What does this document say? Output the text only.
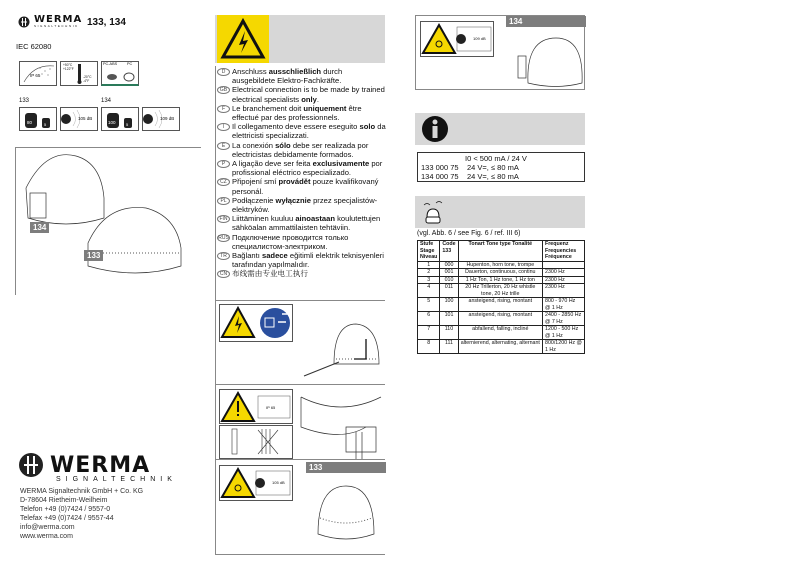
WERMA
SIGNALTECHNIK 133, 134
IEC 62080
IP 65
+50°C +122°F
-20°C -4°F
PC-ABS	PC
133	134
80	5
105 dB
100	5
109 dB
134
133
WERMA
SIGNALTECHNIK
WERMA Signaltechnik GmbH + Co. KG
D-78604 Rietheim-Weilheim
Telefon +49 (0)7424 / 9557-0
Telefax +49 (0)7424 / 9557-44
info@werma.com
www.werma.com
D Anschluss ausschließlich durch ausgebildete Elektro-Fachkräfte.
GB Electrical connection is to be made by trained electrical specialists only.
F Le branchement doit uniquement être effectué par des professionnels.
I	Il collegamento deve essere eseguito solo da elettricisti specializzati.
E La conexión sólo debe ser realizada por electricistas debidamente formados.
P A ligação deve ser feita exclusivamente por profissional eléctrico especializado.
CZ Připojení smí provádět pouze kvalifikovaný personál.
PL Podłączenie wyłącznie przez specjalistów-elektryków.
FIN Liittäminen kuuluu ainoastaan koulutettujen sähköalan ammattilaisten tehtäviin.
RUS Подключение проводится только специалистом-электриком.
TR Bağlantı sadece eğitimli elektrik teknisyenleri tarafından yapılmalıdır.
CN 布线需由专业电工执行
IP 65
105 dB
133
109 dB
134
I0 < 500 mA / 24 V
133 000 75	24 V=, ≤ 80 mA
134 000 75	24 V=, ≤ 80 mA
(vgl. Abb. 6 / see Fig. 6 / ref. III 6)
Stufe Stage Niveau	Code 133	Tonart Tone type Tonalité	Frequenz Frequencies Fréquence
1	000	Hupenton, horn tone, trompe	
2	001	Dauerton, continuous, continu	2300 Hz
3	010	1 Hz Ton, 1 Hz tone, 1 Hz ton	2300 Hz
4	011	20 Hz Trillerton, 20 Hz whistle tone, 20 Hz trille	2300 Hz
5	100	ansteigend, rising, montant	800 - 970 Hz @ 1 Hz
6	101	ansteigend, rising, montant	2400 - 2850 Hz @ 7 Hz
7	110	abfallend, falling, incliné	1200 - 500 Hz @ 1 Hz
8	111	alternierend, alternating, alternant	800/1200 Hz @ 1 Hz
